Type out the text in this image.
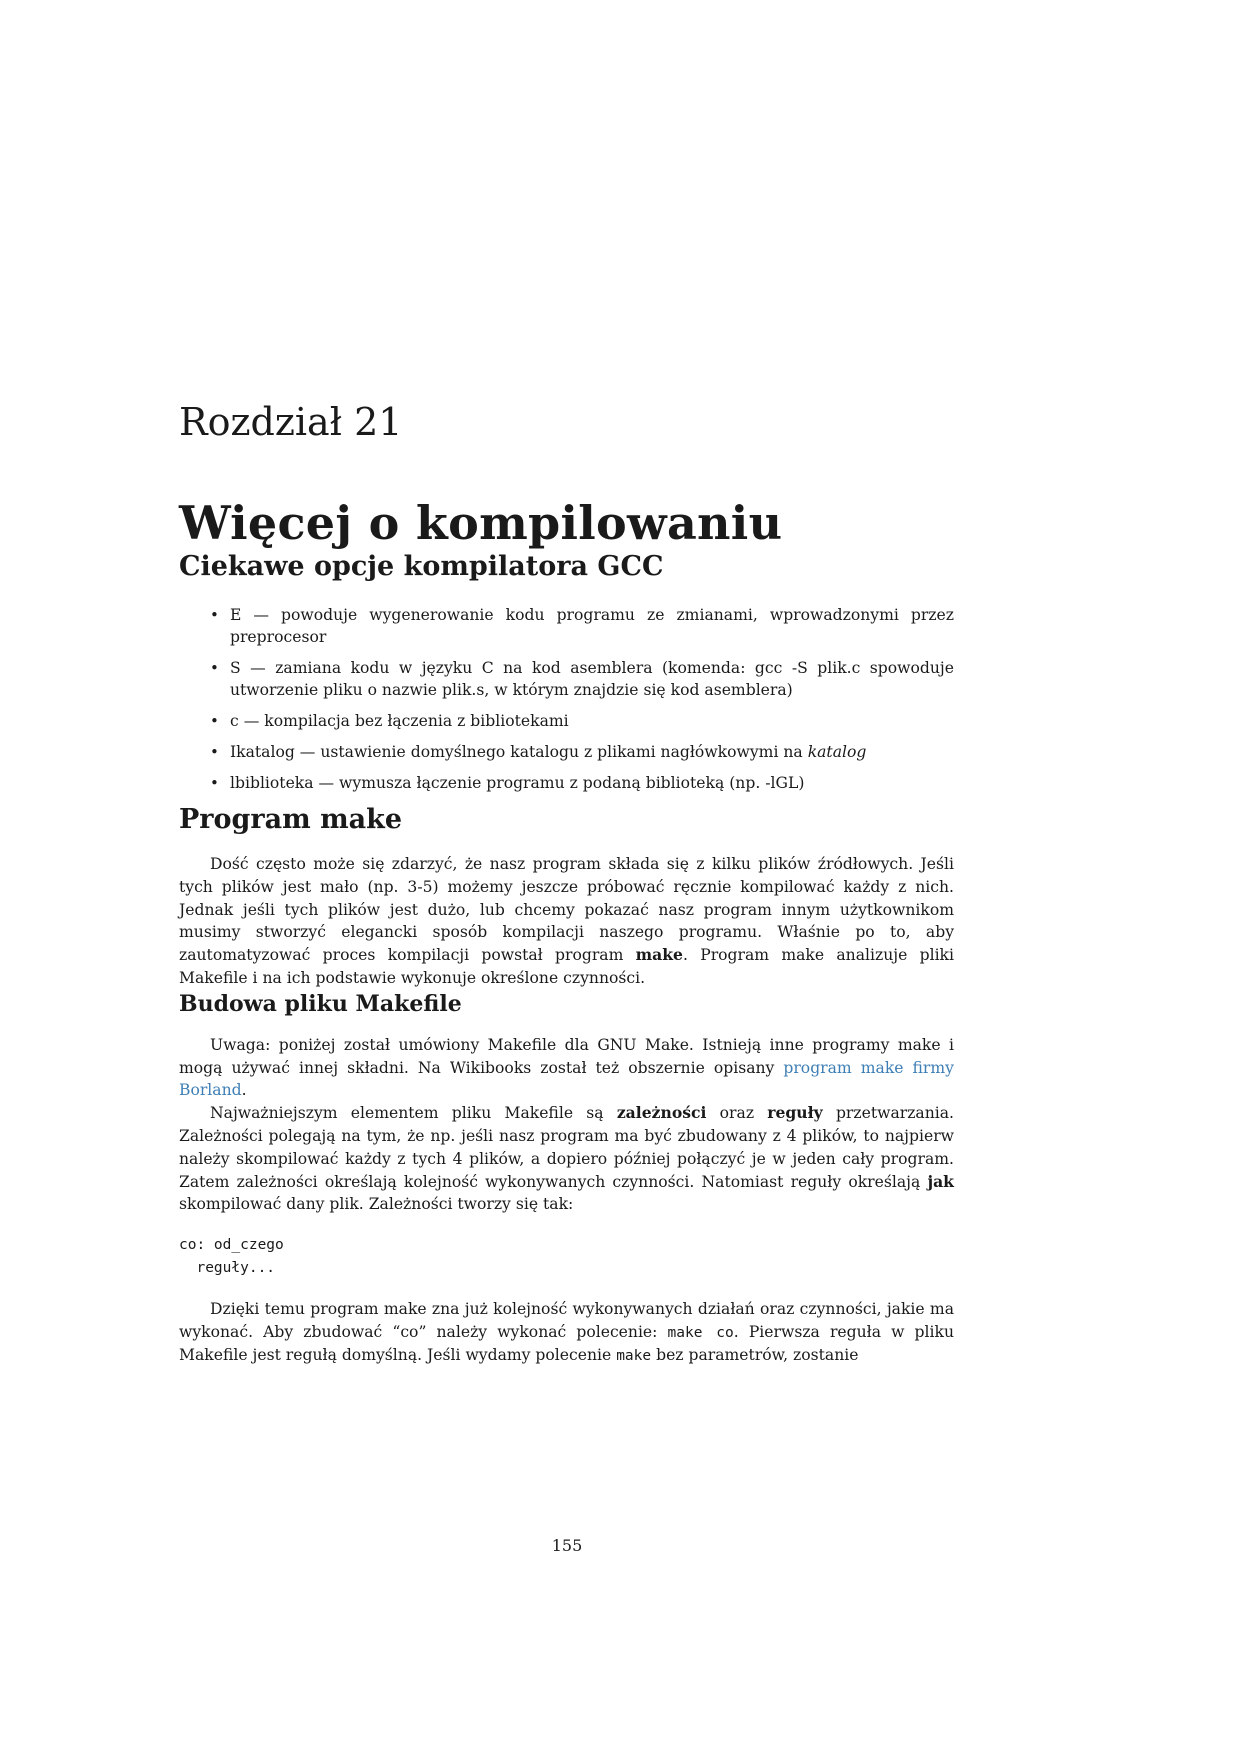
Rozdział 21
Więcej o kompilowaniu
Ciekawe opcje kompilatora GCC
• E — powoduje wygenerowanie kodu programu ze zmianami, wprowadzonymi przez preprocesor
• S — zamiana kodu w języku C na kod asemblera (komenda: gcc -S plik.c spowoduje utworzenie pliku o nazwie plik.s, w którym znajdzie się kod asemblera)
• c — kompilacja bez łączenia z bibliotekami
• Ikatalog — ustawienie domyślnego katalogu z plikami nagłówkowymi na katalog
• lbiblioteka — wymusza łączenie programu z podaną biblioteką (np. -lGL)
Program make

Dość często może się zdarzyć, że nasz program składa się z kilku plików źródłowych. Jeśli tych plików jest mało (np. 3-5) możemy jeszcze próbować ręcznie kompilować każdy z nich. Jednak jeśli tych plików jest dużo, lub chcemy pokazać nasz program innym użytkownikom musimy stworzyć elegancki sposób kompilacji naszego programu. Właśnie po to, aby zautomatyzować proces kompilacji powstał program make. Program make analizuje pliki Makefile i na ich podstawie wykonuje określone czynności.

Budowa pliku Makefile

Uwaga: poniżej został umówiony Makefile dla GNU Make. Istnieją inne programy make i mogą używać innej składni. Na Wikibooks został też obszernie opisany program make firmy Borland.

Najważniejszym elementem pliku Makefile są zależności oraz reguły przetwarzania. Zależności polegają na tym, że np. jeśli nasz program ma być zbudowany z 4 plików, to najpierw należy skompilować każdy z tych 4 plików, a dopiero później połączyć je w jeden cały program. Zatem zależności określają kolejność wykonywanych czynności. Natomiast reguły określają jak skompilować dany plik. Zależności tworzy się tak:

co: od_czego
reguły...

Dzięki temu program make zna już kolejność wykonywanych działań oraz czynności, jakie ma wykonać. Aby zbudować “co” należy wykonać polecenie: make co. Pierwsza reguła w pliku Makefile jest regułą domyślną. Jeśli wydamy polecenie make bez parametrów, zostanie

155
